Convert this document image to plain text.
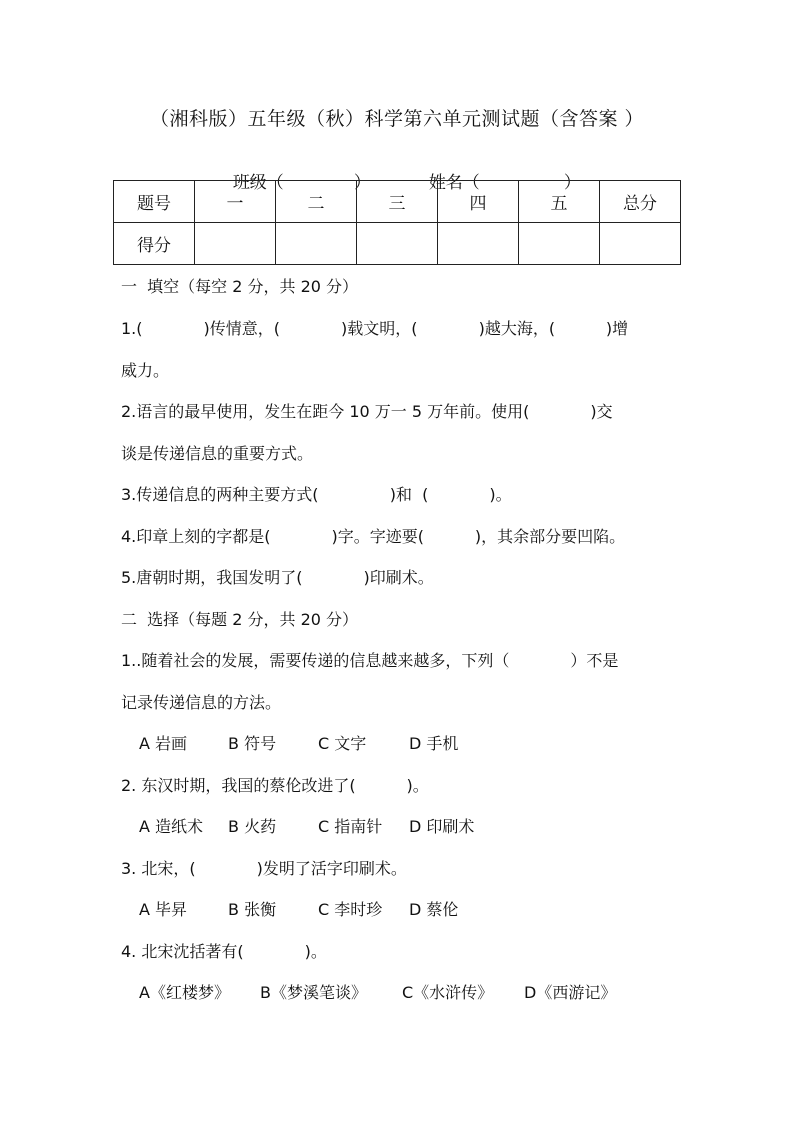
（湘科版）五年级（秋）科学第六单元测试题（含答案 ）

班级（	）	姓名（	）

题号	一	二	三	四	五	总分
得分						
一  填空（每空 2 分，共 20 分）
1.(            )传情意，(            )载文明，(            )越大海，(          )增
威力。
2.语言的最早使用，发生在距今 10 万一 5 万年前。使用(            )交
谈是传递信息的重要方式。
3.传递信息的两种主要方式(              )和  (            )。
4.印章上刻的字都是(            )字。字迹要(          )，其余部分要凹陷。
5.唐朝时期，我国发明了(            )印刷术。
二  选择（每题 2 分，共 20 分）
1..随着社会的发展，需要传递的信息越来越多，下列（            ）不是
记录传递信息的方法。
A 岩画	B 符号	C 文字	D 手机
2. 东汉时期，我国的蔡伦改进了(          )。
A 造纸术 B 火药	C 指南针 D 印刷术
3. 北宋，(            )发明了活字印刷术。
A 毕昇	B 张衡	C 李时珍 D 蔡伦
4. 北宋沈括著有(            )。
A《红楼梦》 B《梦溪笔谈》 C《水浒传》 D《西游记》
